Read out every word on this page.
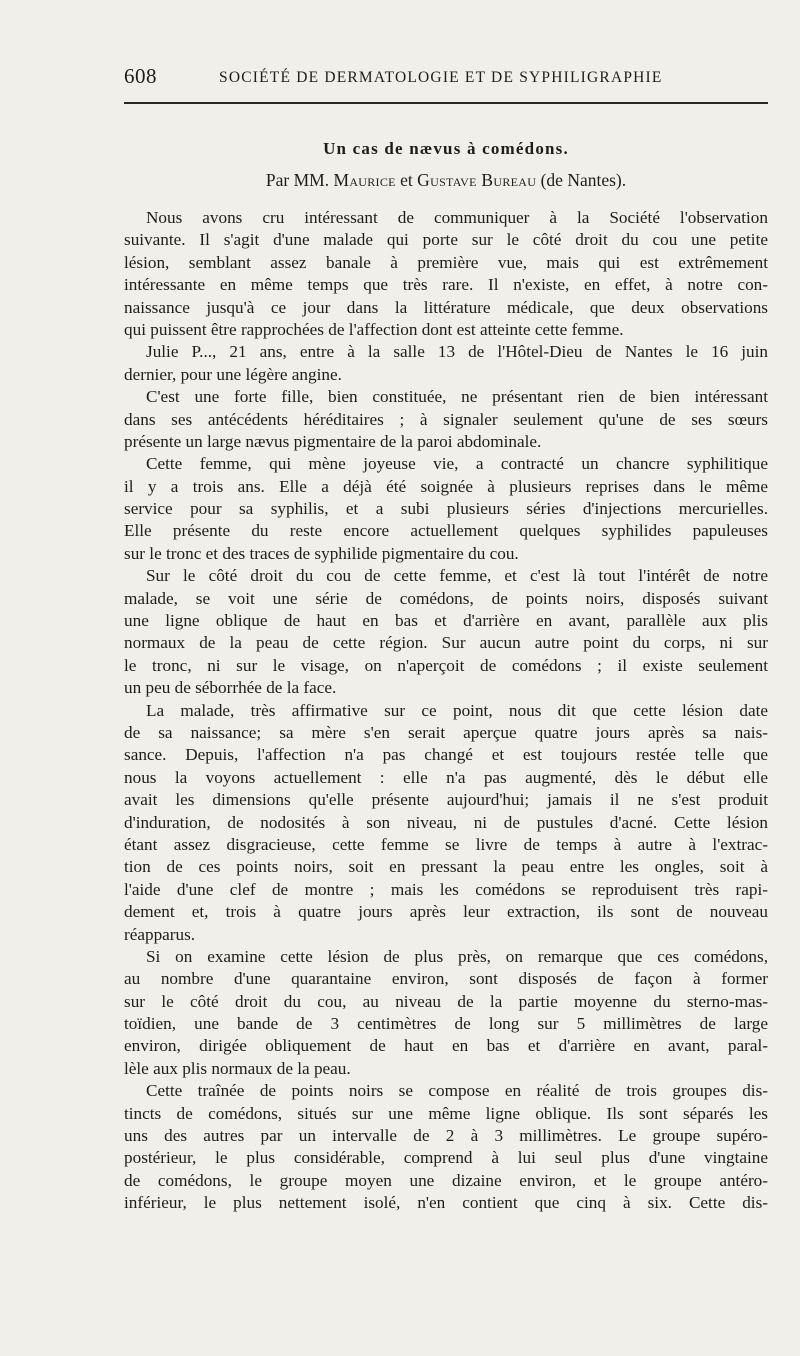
608	SOCIÉTÉ DE DERMATOLOGIE ET DE SYPHILIGRAPHIE
Un cas de nævus à comédons.
Par MM. Maurice et Gustave Bureau (de Nantes).
Nous avons cru intéressant de communiquer à la Société l'observation
suivante. Il s'agit d'une malade qui porte sur le côté droit du cou une petite
lésion, semblant assez banale à première vue, mais qui est extrêmement
intéressante en même temps que très rare. Il n'existe, en effet, à notre con-
naissance jusqu'à ce jour dans la littérature médicale, que deux observations
qui puissent être rapprochées de l'affection dont est atteinte cette femme.
Julie P..., 21 ans, entre à la salle 13 de l'Hôtel-Dieu de Nantes le 16 juin
dernier, pour une légère angine.
C'est une forte fille, bien constituée, ne présentant rien de bien intéressant
dans ses antécédents héréditaires ; à signaler seulement qu'une de ses sœurs
présente un large nævus pigmentaire de la paroi abdominale.
Cette femme, qui mène joyeuse vie, a contracté un chancre syphilitique
il y a trois ans. Elle a déjà été soignée à plusieurs reprises dans le même
service pour sa syphilis, et a subi plusieurs séries d'injections mercurielles.
Elle présente du reste encore actuellement quelques syphilides papuleuses
sur le tronc et des traces de syphilide pigmentaire du cou.
Sur le côté droit du cou de cette femme, et c'est là tout l'intérêt de notre
malade, se voit une série de comédons, de points noirs, disposés suivant
une ligne oblique de haut en bas et d'arrière en avant, parallèle aux plis
normaux de la peau de cette région. Sur aucun autre point du corps, ni sur
le tronc, ni sur le visage, on n'aperçoit de comédons ; il existe seulement
un peu de séborrhée de la face.
La malade, très affirmative sur ce point, nous dit que cette lésion date
de sa naissance; sa mère s'en serait aperçue quatre jours après sa nais-
sance. Depuis, l'affection n'a pas changé et est toujours restée telle que
nous la voyons actuellement : elle n'a pas augmenté, dès le début elle
avait les dimensions qu'elle présente aujourd'hui; jamais il ne s'est produit
d'induration, de nodosités à son niveau, ni de pustules d'acné. Cette lésion
étant assez disgracieuse, cette femme se livre de temps à autre à l'extrac-
tion de ces points noirs, soit en pressant la peau entre les ongles, soit à
l'aide d'une clef de montre ; mais les comédons se reproduisent très rapi-
dement et, trois à quatre jours après leur extraction, ils sont de nouveau
réapparus.
Si on examine cette lésion de plus près, on remarque que ces comédons,
au nombre d'une quarantaine environ, sont disposés de façon à former
sur le côté droit du cou, au niveau de la partie moyenne du sterno-mas-
toïdien, une bande de 3 centimètres de long sur 5 millimètres de large
environ, dirigée obliquement de haut en bas et d'arrière en avant, paral-
lèle aux plis normaux de la peau.
Cette traînée de points noirs se compose en réalité de trois groupes dis-
tincts de comédons, situés sur une même ligne oblique. Ils sont séparés les
uns des autres par un intervalle de 2 à 3 millimètres. Le groupe supéro-
postérieur, le plus considérable, comprend à lui seul plus d'une vingtaine
de comédons, le groupe moyen une dizaine environ, et le groupe antéro-
inférieur, le plus nettement isolé, n'en contient que cinq à six. Cette dis-
